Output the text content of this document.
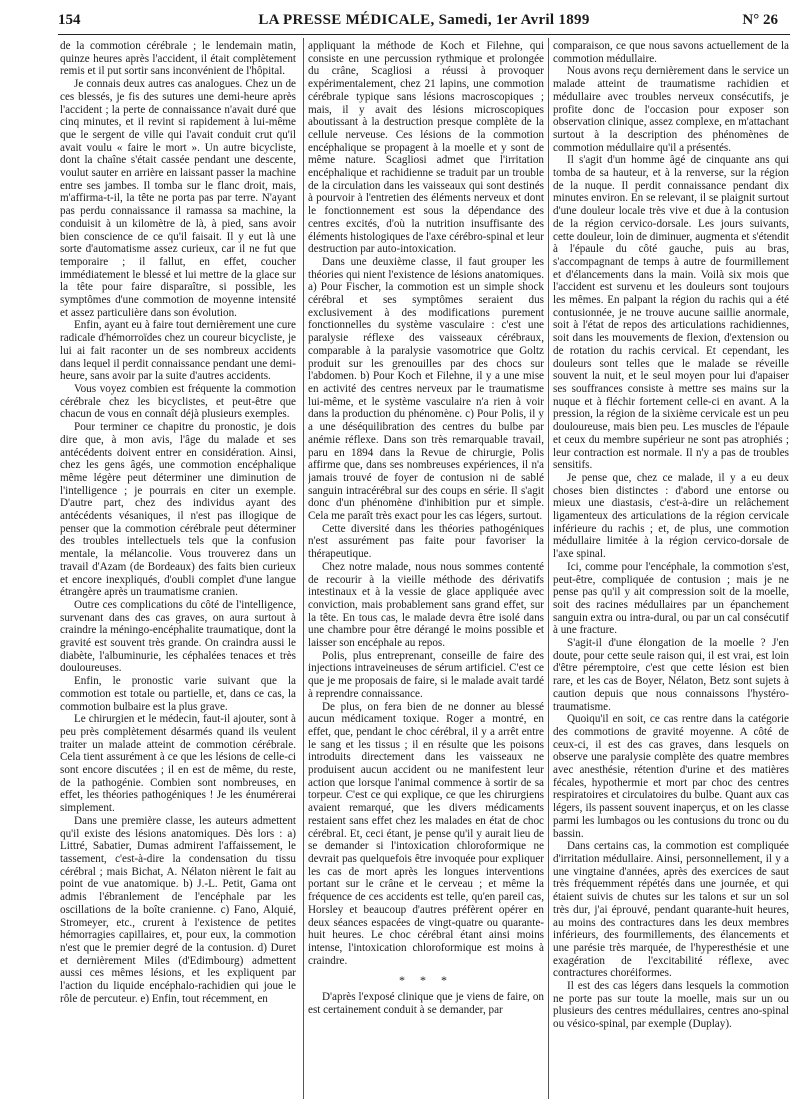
154	LA PRESSE MÉDICALE, Samedi, 1er Avril 1899	N° 26

de la commotion cérébrale ; le lendemain matin, quinze heures après l'accident, il était complètement remis et il put sortir sans inconvénient de l'hôpital.

Je connais deux autres cas analogues. Chez un de ces blessés, je fis des sutures une demi-heure après l'accident ; la perte de connaissance n'avait duré que cinq minutes, et il revint si rapidement à lui-même que le sergent de ville qui l'avait conduit crut qu'il avait voulu « faire le mort ». Un autre bicycliste, dont la chaîne s'était cassée pendant une descente, voulut sauter en arrière en laissant passer la machine entre ses jambes. Il tomba sur le flanc droit, mais, m'affirma-t-il, la tête ne porta pas par terre. N'ayant pas perdu connaissance il ramassa sa machine, la conduisit à un kilomètre de là, à pied, sans avoir bien conscience de ce qu'il faisait. Il y eut là une sorte d'automatisme assez curieux, car il ne fut que temporaire ; il fallut, en effet, coucher immédiatement le blessé et lui mettre de la glace sur la tête pour faire disparaître, si possible, les symptômes d'une commotion de moyenne intensité et assez particulière dans son évolution.

Enfin, ayant eu à faire tout dernièrement une cure radicale d'hémorroïdes chez un coureur bicycliste, je lui ai fait raconter un de ses nombreux accidents dans lequel il perdit connaissance pendant une demi-heure, sans avoir par la suite d'autres accidents.

Vous voyez combien est fréquente la commotion cérébrale chez les bicyclistes, et peut-être que chacun de vous en connaît déjà plusieurs exemples.

Pour terminer ce chapitre du pronostic, je dois dire que, à mon avis, l'âge du malade et ses antécédents doivent entrer en considération. Ainsi, chez les gens âgés, une commotion encéphalique même légère peut déterminer une diminution de l'intelligence ; je pourrais en citer un exemple. D'autre part, chez des individus ayant des antécédents vésaniques, il n'est pas illogique de penser que la commotion cérébrale peut déterminer des troubles intellectuels tels que la confusion mentale, la mélancolie. Vous trouverez dans un travail d'Azam (de Bordeaux) des faits bien curieux et encore inexpliqués, d'oubli complet d'une langue étrangère après un traumatisme cranien.

Outre ces complications du côté de l'intelligence, survenant dans des cas graves, on aura surtout à craindre la méningo-encéphalite traumatique, dont la gravité est souvent très grande. On craindra aussi le diabète, l'albuminurie, les céphalées tenaces et très douloureuses.

Enfin, le pronostic varie suivant que la commotion est totale ou partielle, et, dans ce cas, la commotion bulbaire est la plus grave.

Le chirurgien et le médecin, faut-il ajouter, sont à peu près complètement désarmés quand ils veulent traiter un malade atteint de commotion cérébrale. Cela tient assurément à ce que les lésions de celle-ci sont encore discutées ; il en est de même, du reste, de la pathogénie. Combien sont nombreuses, en effet, les théories pathogéniques ! Je les énumérerai simplement.

Dans une première classe, les auteurs admettent qu'il existe des lésions anatomiques. Dès lors : a) Littré, Sabatier, Dumas admirent l'affaissement, le tassement, c'est-à-dire la condensation du tissu cérébral ; mais Bichat, A. Nélaton nièrent le fait au point de vue anatomique. b) J.-L. Petit, Gama ont admis l'ébranlement de l'encéphale par les oscillations de la boîte cranienne. c) Fano, Alquié, Stromeyer, etc., crurent à l'existence de petites hémorragies capillaires, et, pour eux, la commotion n'est que le premier degré de la contusion. d) Duret et dernièrement Miles (d'Edimbourg) admettent aussi ces mêmes lésions, et les expliquent par l'action du liquide encéphalo-rachidien qui joue le rôle de percuteur. e) Enfin, tout récemment, en

appliquant la méthode de Koch et Filehne, qui consiste en une percussion rythmique et prolongée du crâne, Scagliosi a réussi à provoquer expérimentalement, chez 21 lapins, une commotion cérébrale typique sans lésions macroscopiques ; mais, il y avait des lésions microscopiques aboutissant à la destruction presque complète de la cellule nerveuse. Ces lésions de la commotion encéphalique se propagent à la moelle et y sont de même nature. Scagliosi admet que l'irritation encéphalique et rachidienne se traduit par un trouble de la circulation dans les vaisseaux qui sont destinés à pourvoir à l'entretien des éléments nerveux et dont le fonctionnement est sous la dépendance des centres excités, d'où la nutrition insuffisante des éléments histologiques de l'axe cérébro-spinal et leur destruction par auto-intoxication.

Dans une deuxième classe, il faut grouper les théories qui nient l'existence de lésions anatomiques. a) Pour Fischer, la commotion est un simple shock cérébral et ses symptômes seraient dus exclusivement à des modifications purement fonctionnelles du système vasculaire : c'est une paralysie réflexe des vaisseaux cérébraux, comparable à la paralysie vasomotrice que Goltz produit sur les grenouilles par des chocs sur l'abdomen. b) Pour Koch et Filehne, il y a une mise en activité des centres nerveux par le traumatisme lui-même, et le système vasculaire n'a rien à voir dans la production du phénomène. c) Pour Polis, il y a une déséquilibration des centres du bulbe par anémie réflexe. Dans son très remarquable travail, paru en 1894 dans la Revue de chirurgie, Polis affirme que, dans ses nombreuses expériences, il n'a jamais trouvé de foyer de contusion ni de sablé sanguin intracérébral sur des coups en série. Il s'agit donc d'un phénomène d'inhibition pur et simple. Cela me paraît très exact pour les cas légers, surtout.

Cette diversité dans les théories pathogéniques n'est assurément pas faite pour favoriser la thérapeutique.

Chez notre malade, nous nous sommes contenté de recourir à la vieille méthode des dérivatifs intestinaux et à la vessie de glace appliquée avec conviction, mais probablement sans grand effet, sur la tête. En tous cas, le malade devra être isolé dans une chambre pour être dérangé le moins possible et laisser son encéphale au repos.

Polis, plus entreprenant, conseille de faire des injections intraveineuses de sérum artificiel. C'est ce que je me proposais de faire, si le malade avait tardé à reprendre connaissance.

De plus, on fera bien de ne donner au blessé aucun médicament toxique. Roger a montré, en effet, que, pendant le choc cérébral, il y a arrêt entre le sang et les tissus ; il en résulte que les poisons introduits directement dans les vaisseaux ne produisent aucun accident ou ne manifestent leur action que lorsque l'animal commence à sortir de sa torpeur. C'est ce qui explique, ce que les chirurgiens avaient remarqué, que les divers médicaments restaient sans effet chez les malades en état de choc cérébral. Et, ceci étant, je pense qu'il y aurait lieu de se demander si l'intoxication chloroformique ne devrait pas quelquefois être invoquée pour expliquer les cas de mort après les longues interventions portant sur le crâne et le cerveau ; et même la fréquence de ces accidents est telle, qu'en pareil cas, Horsley et beaucoup d'autres préfèrent opérer en deux séances espacées de vingt-quatre ou quarante-huit heures. Le choc cérébral étant ainsi moins intense, l'intoxication chloroformique est moins à craindre.

* * *

D'après l'exposé clinique que je viens de faire, on est certainement conduit à se demander, par

comparaison, ce que nous savons actuellement de la commotion médullaire.

Nous avons reçu dernièrement dans le service un malade atteint de traumatisme rachidien et médullaire avec troubles nerveux consécutifs, je profite donc de l'occasion pour exposer son observation clinique, assez complexe, en m'attachant surtout à la description des phénomènes de commotion médullaire qu'il a présentés.

Il s'agit d'un homme âgé de cinquante ans qui tomba de sa hauteur, et à la renverse, sur la région de la nuque. Il perdit connaissance pendant dix minutes environ. En se relevant, il se plaignit surtout d'une douleur locale très vive et due à la contusion de la région cervico-dorsale. Les jours suivants, cette douleur, loin de diminuer, augmenta et s'étendit à l'épaule du côté gauche, puis au bras, s'accompagnant de temps à autre de fourmillement et d'élancements dans la main. Voilà six mois que l'accident est survenu et les douleurs sont toujours les mêmes. En palpant la région du rachis qui a été contusionnée, je ne trouve aucune saillie anormale, soit à l'état de repos des articulations rachidiennes, soit dans les mouvements de flexion, d'extension ou de rotation du rachis cervical. Et cependant, les douleurs sont telles que le malade se réveille souvent la nuit, et le seul moyen pour lui d'apaiser ses souffrances consiste à mettre ses mains sur la nuque et à fléchir fortement celle-ci en avant. A la pression, la région de la sixième cervicale est un peu douloureuse, mais bien peu. Les muscles de l'épaule et ceux du membre supérieur ne sont pas atrophiés ; leur contraction est normale. Il n'y a pas de troubles sensitifs.

Je pense que, chez ce malade, il y a eu deux choses bien distinctes : d'abord une entorse ou mieux une diastasis, c'est-à-dire un relâchement ligamenteux des articulations de la région cervicale inférieure du rachis ; et, de plus, une commotion médullaire limitée à la région cervico-dorsale de l'axe spinal.

Ici, comme pour l'encéphale, la commotion s'est, peut-être, compliquée de contusion ; mais je ne pense pas qu'il y ait compression soit de la moelle, soit des racines médullaires par un épanchement sanguin extra ou intra-dural, ou par un cal consécutif à une fracture.

S'agit-il d'une élongation de la moelle ? J'en doute, pour cette seule raison qui, il est vrai, est loin d'être péremptoire, c'est que cette lésion est bien rare, et les cas de Boyer, Nélaton, Betz sont sujets à caution depuis que nous connaissons l'hystéro-traumatisme.

Quoiqu'il en soit, ce cas rentre dans la catégorie des commotions de gravité moyenne. A côté de ceux-ci, il est des cas graves, dans lesquels on observe une paralysie complète des quatre membres avec anesthésie, rétention d'urine et des matières fécales, hypothermie et mort par choc des centres respiratoires et circulatoires du bulbe. Quant aux cas légers, ils passent souvent inaperçus, et on les classe parmi les lumbagos ou les contusions du tronc ou du bassin.

Dans certains cas, la commotion est compliquée d'irritation médullaire. Ainsi, personnellement, il y a une vingtaine d'années, après des exercices de saut très fréquemment répétés dans une journée, et qui étaient suivis de chutes sur les talons et sur un sol très dur, j'ai éprouvé, pendant quarante-huit heures, au moins des contractures dans les deux membres inférieurs, des fourmillements, des élancements et une parésie très marquée, de l'hyperesthésie et une exagération de l'excitabilité réflexe, avec contractures choréiformes.

Il est des cas légers dans lesquels la commotion ne porte pas sur toute la moelle, mais sur un ou plusieurs des centres médullaires, centres ano-spinal ou vésico-spinal, par exemple (Duplay).
